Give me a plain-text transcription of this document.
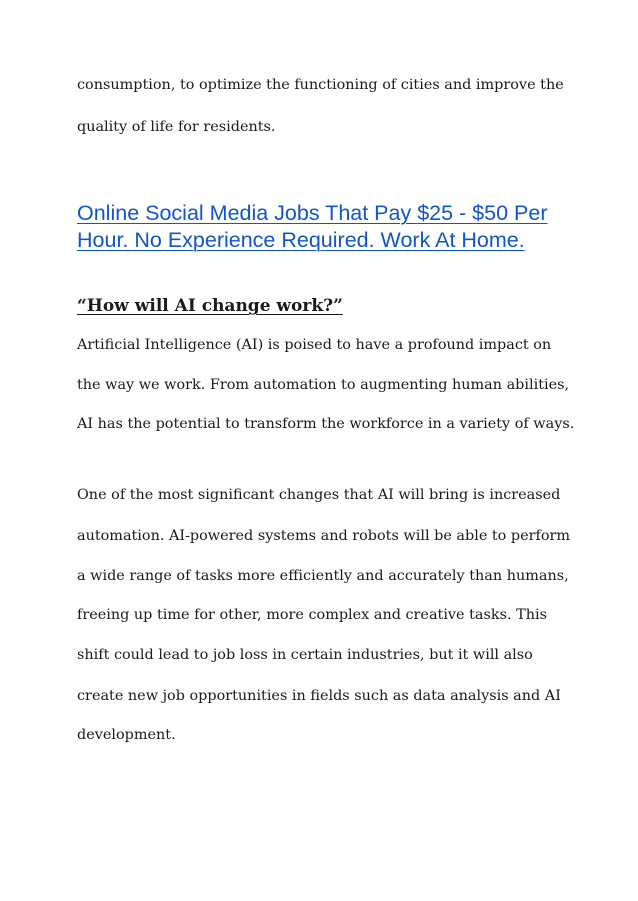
consumption, to optimize the functioning of cities and improve the
quality of life for residents.
Online Social Media Jobs That Pay $25 - $50 Per
Hour. No Experience Required. Work At Home.
“How will AI change work?”
Artificial Intelligence (AI) is poised to have a profound impact on
the way we work. From automation to augmenting human abilities,
AI has the potential to transform the workforce in a variety of ways.
One of the most significant changes that AI will bring is increased
automation. AI-powered systems and robots will be able to perform
a wide range of tasks more efficiently and accurately than humans,
freeing up time for other, more complex and creative tasks. This
shift could lead to job loss in certain industries, but it will also
create new job opportunities in fields such as data analysis and AI
development.
